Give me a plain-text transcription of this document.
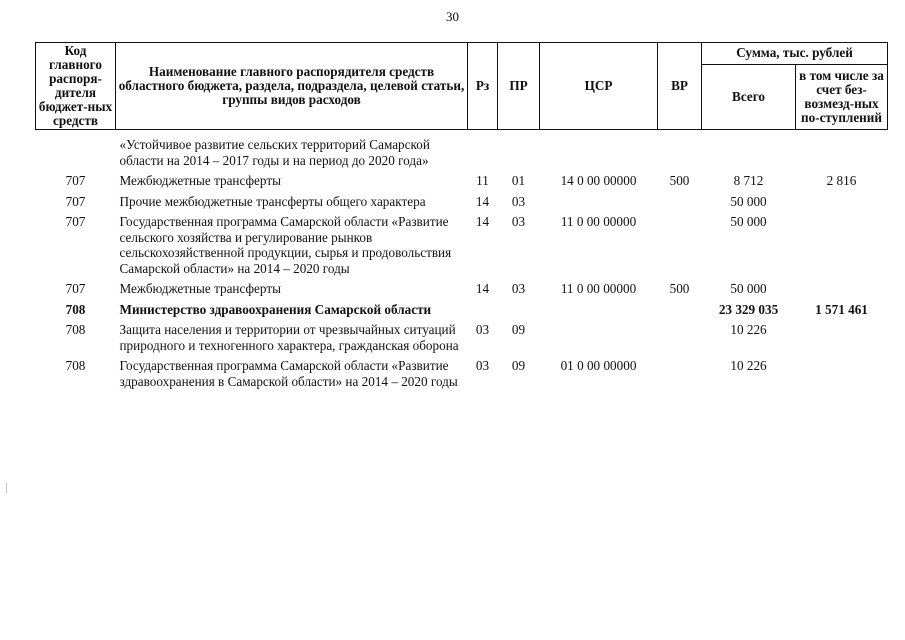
30
Код главного распоря-дителя бюджет-ных средств	Наименование главного распорядителя средств областного бюджета, раздела, подраздела, целевой статьи, группы видов расходов	Рз	ПР	ЦСР	ВР	Сумма, тыс. рублей	
						Всего	в том числе за счет без-возмезд-ных по-ступлений

	«Устойчивое развитие сельских территорий Самарской области на 2014 – 2017 годы и на период до 2020 года»						
707	Межбюджетные трансферты	11	01	14 0 00 00000	500	8 712	2 816
707	Прочие межбюджетные трансферты общего характера	14	03			50 000	
707	Государственная программа Самарской области «Развитие сельского хозяйства и регулирование рынков сельскохозяйственной продукции, сырья и продовольствия Самарской области» на 2014 – 2020 годы	14	03	11 0 00 00000		50 000	
707	Межбюджетные трансферты	14	03	11 0 00 00000	500	50 000	
708	Министерство здравоохранения Самарской области					23 329 035	1 571 461
708	Защита населения и территории от чрезвычайных ситуаций природного и техногенного характера, гражданская оборона	03	09			10 226	
708	Государственная программа Самарской области «Развитие здравоохранения в Самарской области» на 2014 – 2020 годы	03	09	01 0 00 00000		10 226	
